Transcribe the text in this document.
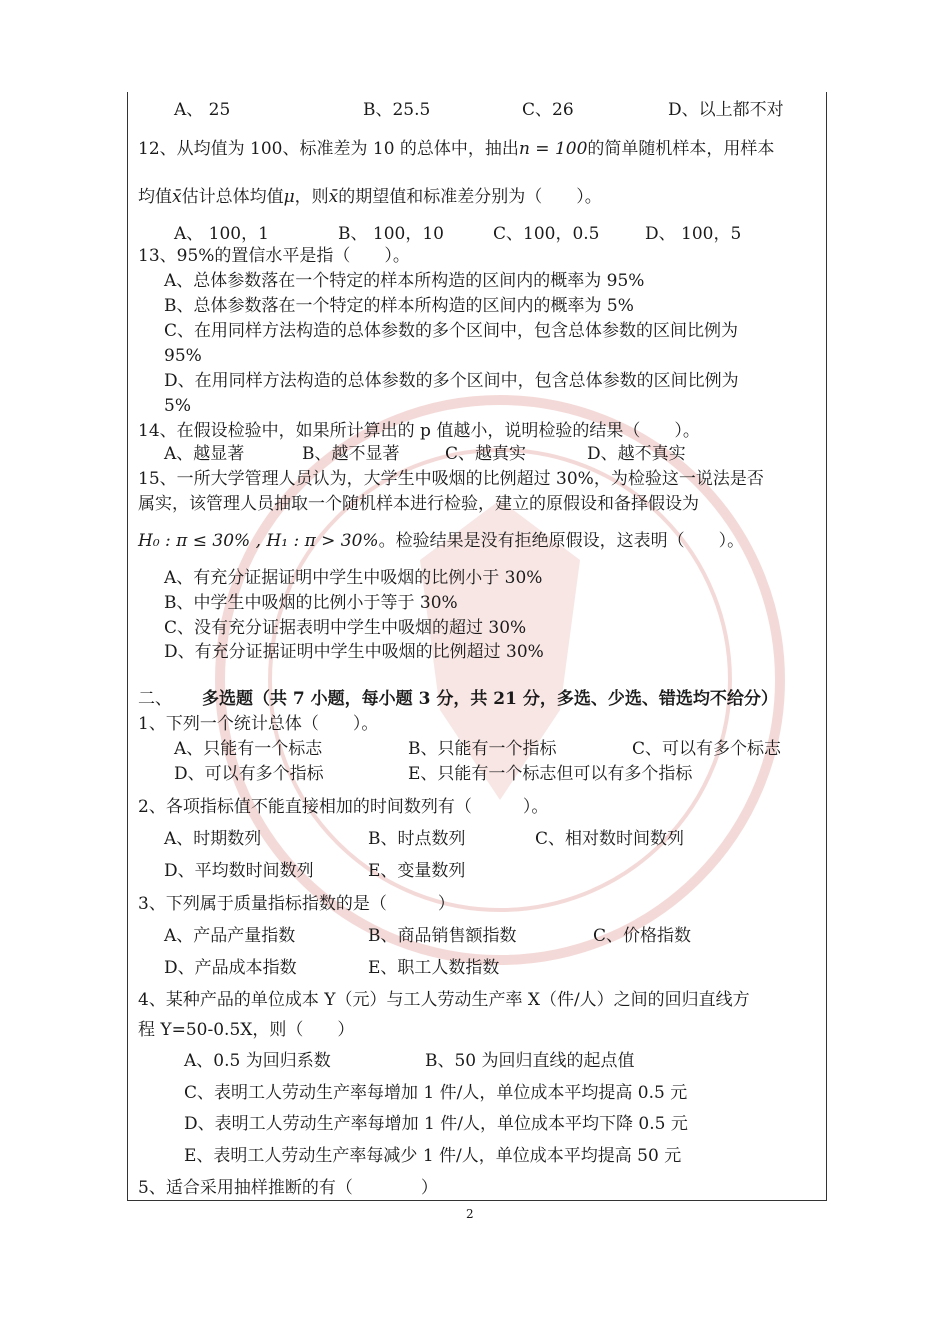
A、 25	B、25.5	C、26	D、以上都不对
12、从均值为 100、标准差为 10 的总体中，抽出n = 100的简单随机样本，用样本
均值x̄估计总体均值μ，则x̄的期望值和标准差分别为（　　）。
A、 100，1	B、 100，10	C、100，0.5	D、 100，5
13、95%的置信水平是指（　　）。
A、总体参数落在一个特定的样本所构造的区间内的概率为 95%
B、总体参数落在一个特定的样本所构造的区间内的概率为 5%
C、在用同样方法构造的总体参数的多个区间中，包含总体参数的区间比例为
95%
D、在用同样方法构造的总体参数的多个区间中，包含总体参数的区间比例为
5%
14、在假设检验中，如果所计算出的 p 值越小，说明检验的结果（　　）。
A、越显著	B、越不显著	C、越真实	D、越不真实
15、一所大学管理人员认为，大学生中吸烟的比例超过 30%，为检验这一说法是否
属实，该管理人员抽取一个随机样本进行检验，建立的原假设和备择假设为
H₀ : π ≤ 30% , H₁ : π > 30%。检验结果是没有拒绝原假设，这表明（　　）。
A、有充分证据证明中学生中吸烟的比例小于 30%
B、中学生中吸烟的比例小于等于 30%
C、没有充分证据表明中学生中吸烟的超过 30%
D、有充分证据证明中学生中吸烟的比例超过 30%
二、 多选题（共 7 小题，每小题 3 分，共 21 分，多选、少选、错选均不给分）
1、下列一个统计总体（　　）。
A、只能有一个标志	B、只能有一个指标	C、可以有多个标志
D、可以有多个指标	E、只能有一个标志但可以有多个指标
2、各项指标值不能直接相加的时间数列有（　　　）。
A、时期数列	B、时点数列	C、相对数时间数列
D、平均数时间数列	E、变量数列
3、下列属于质量指标指数的是（　　　）
A、产品产量指数	B、商品销售额指数	C、价格指数
D、产品成本指数	E、职工人数指数
4、某种产品的单位成本 Y（元）与工人劳动生产率 X（件/人）之间的回归直线方
程 Y=50-0.5X，则（　　）
A、0.5 为回归系数	B、50 为回归直线的起点值
C、表明工人劳动生产率每增加 1 件/人，单位成本平均提高 0.5 元
D、表明工人劳动生产率每增加 1 件/人，单位成本平均下降 0.5 元
E、表明工人劳动生产率每减少 1 件/人，单位成本平均提高 50 元
5、适合采用抽样推断的有（　　　　）
2
